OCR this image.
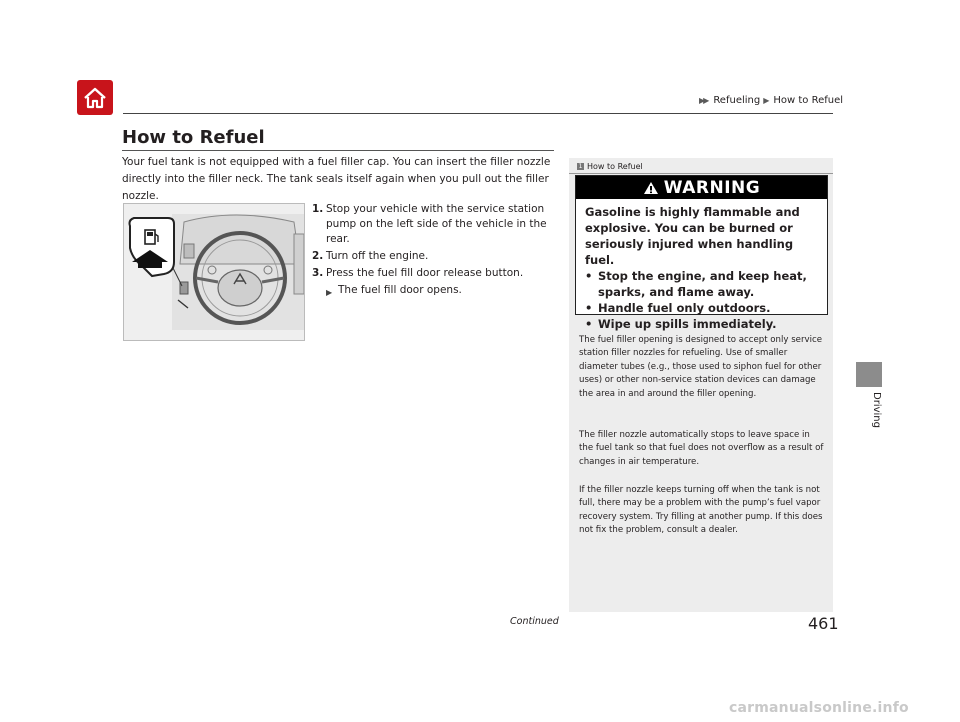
▶▶ Refueling ▶ How to Refuel
Driving
How to Refuel
Your fuel tank is not equipped with a fuel filler cap. You can insert the filler nozzle directly into the filler neck. The tank seals itself again when you pull out the filler nozzle.
1. Stop your vehicle with the service station pump on the left side of the vehicle in the rear.
2. Turn off the engine.
3. Press the fuel fill door release button.
▶ The fuel fill door opens.
1 How to Refuel

The fuel filler opening is designed to accept only service station filler nozzles for refueling. Use of smaller diameter tubes (e.g., those used to siphon fuel for other uses) or other non-service station devices can damage the area in and around the filler opening.

The filler nozzle automatically stops to leave space in the fuel tank so that fuel does not overflow as a result of changes in air temperature.

If the filler nozzle keeps turning off when the tank is not full, there may be a problem with the pump’s fuel vapor recovery system. Try filling at another pump. If this does not fix the problem, consult a dealer.

WARNING
Gasoline is highly flammable and explosive. You can be burned or seriously injured when handling fuel.
• Stop the engine, and keep heat, sparks, and flame away.
• Handle fuel only outdoors.
• Wipe up spills immediately.
Continued	461
carmanualsonline.info
